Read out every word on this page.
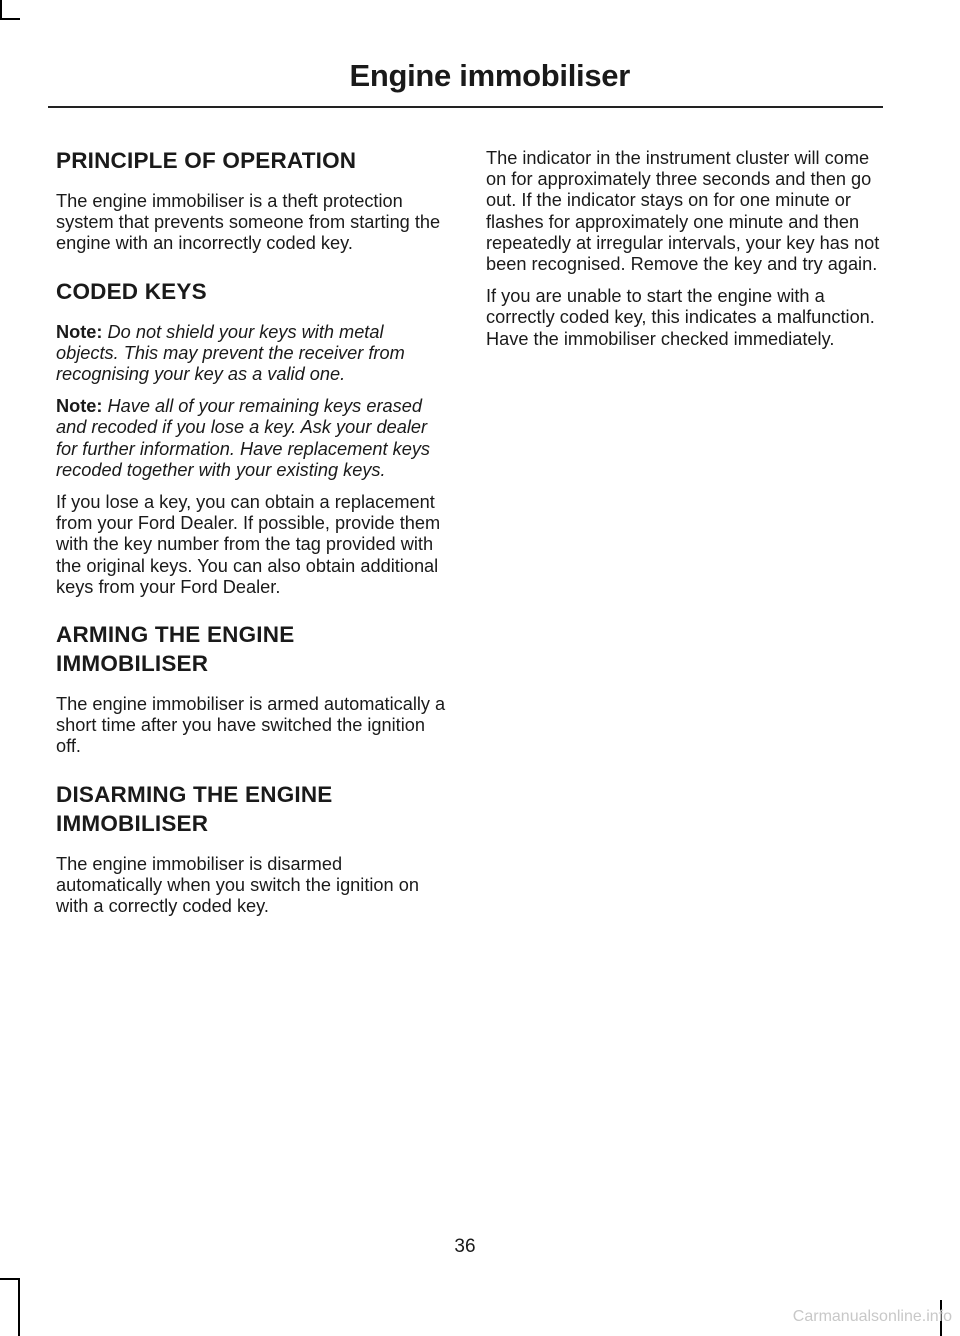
Engine immobiliser
PRINCIPLE OF OPERATION

The engine immobiliser is a theft protection system that prevents someone from starting the engine with an incorrectly coded key.

CODED KEYS

Note: Do not shield your keys with metal objects. This may prevent the receiver from recognising your key as a valid one.

Note: Have all of your remaining keys erased and recoded if you lose a key. Ask your dealer for further information. Have replacement keys recoded together with your existing keys.

If you lose a key, you can obtain a replacement from your Ford Dealer. If possible, provide them with the key number from the tag provided with the original keys. You can also obtain additional keys from your Ford Dealer.

ARMING THE ENGINE IMMOBILISER

The engine immobiliser is armed automatically a short time after you have switched the ignition off.

DISARMING THE ENGINE IMMOBILISER

The engine immobiliser is disarmed automatically when you switch the ignition on with a correctly coded key.

The indicator in the instrument cluster will come on for approximately three seconds and then go out. If the indicator stays on for one minute or flashes for approximately one minute and then repeatedly at irregular intervals, your key has not been recognised. Remove the key and try again.

If you are unable to start the engine with a correctly coded key, this indicates a malfunction. Have the immobiliser checked immediately.

36
Carmanualsonline.info
